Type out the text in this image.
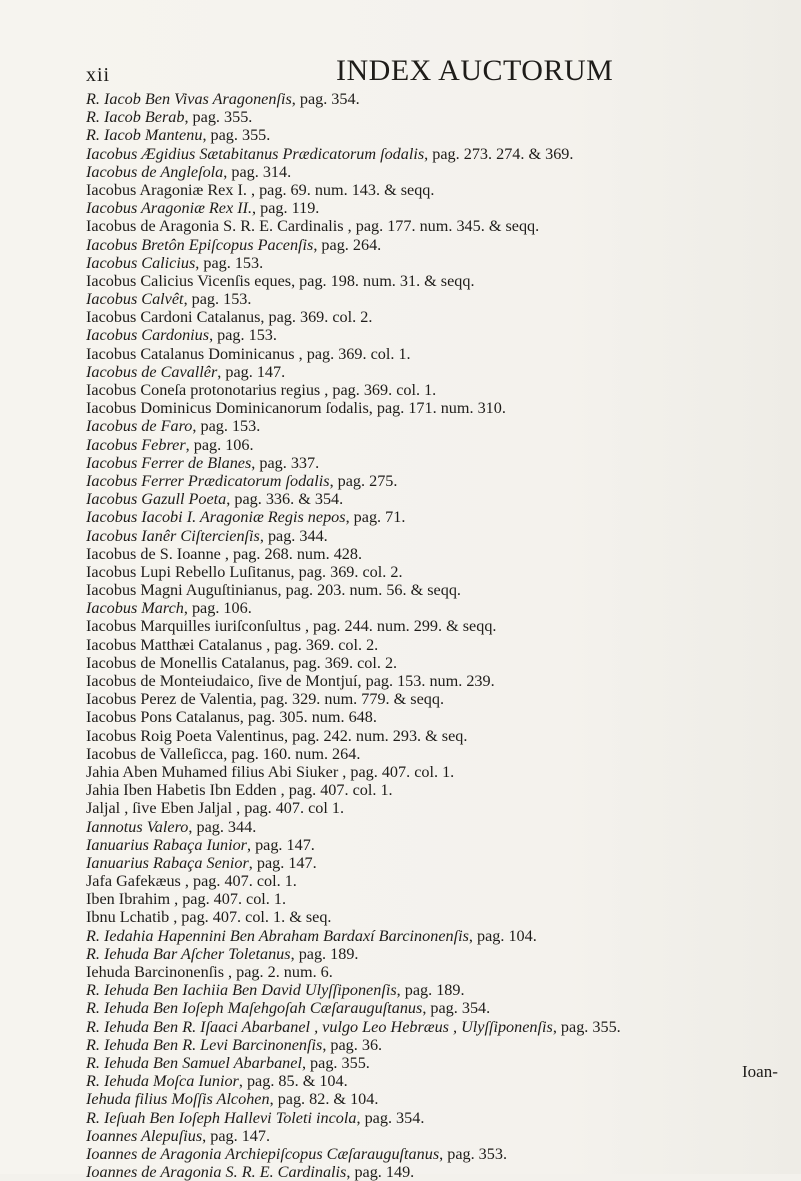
xii	INDEX AUCTORUM
R. Iacob Ben Vivas Aragonenſis, pag. 354.
R. Iacob Berab, pag. 355.
R. Iacob Mantenu, pag. 355.
Iacobus Ægidius Sætabitanus Prædicatorum ſodalis, pag. 273. 274. & 369.
Iacobus de Angleſola, pag. 314.
Iacobus Aragoniæ Rex I. , pag. 69. num. 143. & seqq.
Iacobus Aragoniæ Rex II., pag. 119.
Iacobus de Aragonia S. R. E. Cardinalis , pag. 177. num. 345. & seqq.
Iacobus Bretôn Epiſcopus Pacenſis, pag. 264.
Iacobus Calicius, pag. 153.
Iacobus Calicius Vicenſis eques, pag. 198. num. 31. & seqq.
Iacobus Calvêt, pag. 153.
Iacobus Cardoni Catalanus, pag. 369. col. 2.
Iacobus Cardonius, pag. 153.
Iacobus Catalanus Dominicanus , pag. 369. col. 1.
Iacobus de Cavallêr, pag. 147.
Iacobus Coneſa protonotarius regius , pag. 369. col. 1.
Iacobus Dominicus Dominicanorum ſodalis, pag. 171. num. 310.
Iacobus de Faro, pag. 153.
Iacobus Febrer, pag. 106.
Iacobus Ferrer de Blanes, pag. 337.
Iacobus Ferrer Prædicatorum ſodalis, pag. 275.
Iacobus Gazull Poeta, pag. 336. & 354.
Iacobus Iacobi I. Aragoniæ Regis nepos, pag. 71.
Iacobus Ianêr Ciſtercienſis, pag. 344.
Iacobus de S. Ioanne , pag. 268. num. 428.
Iacobus Lupi Rebello Luſitanus, pag. 369. col. 2.
Iacobus Magni Auguſtinianus, pag. 203. num. 56. & seqq.
Iacobus March, pag. 106.
Iacobus Marquilles iuriſconſultus , pag. 244. num. 299. & seqq.
Iacobus Matthæi Catalanus , pag. 369. col. 2.
Iacobus de Monellis Catalanus, pag. 369. col. 2.
Iacobus de Monteiudaico, ſive de Montjuí, pag. 153. num. 239.
Iacobus Perez de Valentia, pag. 329. num. 779. & seqq.
Iacobus Pons Catalanus, pag. 305. num. 648.
Iacobus Roig Poeta Valentinus, pag. 242. num. 293. & seq.
Iacobus de Valleſicca, pag. 160. num. 264.
Jahia Aben Muhamed filius Abi Siuker , pag. 407. col. 1.
Jahia Iben Habetis Ibn Edden , pag. 407. col. 1.
Jaljal , ſive Eben Jaljal , pag. 407. col 1.
Iannotus Valero, pag. 344.
Ianuarius Rabaça Iunior, pag. 147.
Ianuarius Rabaça Senior, pag. 147.
Jafa Gafekæus , pag. 407. col. 1.
Iben Ibrahim , pag. 407. col. 1.
Ibnu Lchatib , pag. 407. col. 1. & seq.
R. Iedahia Hapennini Ben Abraham Bardaxí Barcinonenſis, pag. 104.
R. Iehuda Bar Aſcher Toletanus, pag. 189.
Iehuda Barcinonenſis , pag. 2. num. 6.
R. Iehuda Ben Iachiia Ben David Ulyſſiponenſis, pag. 189.
R. Iehuda Ben Ioſeph Maſehgoſah Cæſarauguſtanus, pag. 354.
R. Iehuda Ben R. Iſaaci Abarbanel , vulgo Leo Hebræus , Ulyſſiponenſis, pag. 355.
R. Iehuda Ben R. Levi Barcinonenſis, pag. 36.
R. Iehuda Ben Samuel Abarbanel, pag. 355.
R. Iehuda Moſca Iunior, pag. 85. & 104.
Iehuda filius Moſſis Alcohen, pag. 82. & 104.
R. Ieſuah Ben Ioſeph Hallevi Toleti incola, pag. 354.
Ioannes Alepuſius, pag. 147.
Ioannes de Aragonia Archiepiſcopus Cæſarauguſtanus, pag. 353.
Ioannes de Aragonia S. R. E. Cardinalis, pag. 149.
Ioan-
